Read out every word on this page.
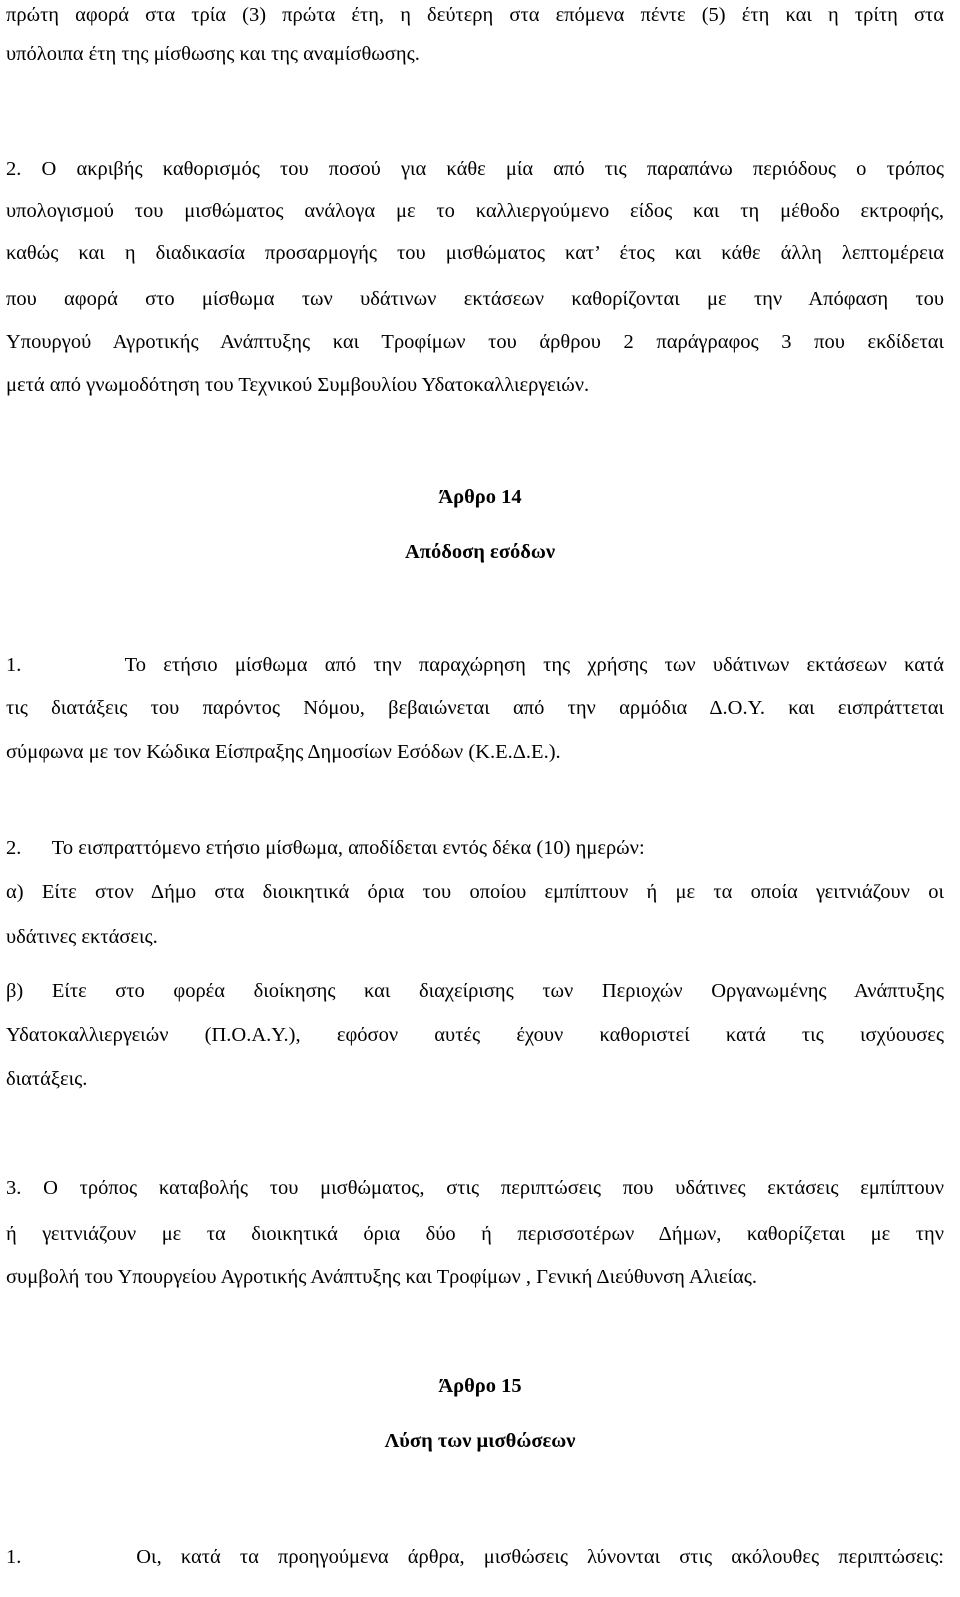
πρώτη αφορά στα τρία (3) πρώτα έτη, η δεύτερη στα επόμενα πέντε (5) έτη και η τρίτη στα
υπόλοιπα έτη της μίσθωσης και της αναμίσθωσης.
2. Ο ακριβής καθορισμός του ποσού για κάθε μία από τις παραπάνω περιόδους ο τρόπος
υπολογισμού του μισθώματος ανάλογα με το καλλιεργούμενο είδος και τη μέθοδο εκτροφής,
καθώς και η διαδικασία προσαρμογής του μισθώματος κατ’ έτος και κάθε άλλη λεπτομέρεια
που αφορά στο μίσθωμα των υδάτινων εκτάσεων καθορίζονται με την Απόφαση του
Υπουργού Αγροτικής Ανάπτυξης και Τροφίμων του άρθρου 2 παράγραφος 3 που εκδίδεται
μετά από γνωμοδότηση του Τεχνικού Συμβουλίου Υδατοκαλλιεργειών.
Άρθρο 14
Απόδοση εσόδων
1.      Το ετήσιο μίσθωμα από την παραχώρηση της χρήσης των υδάτινων εκτάσεων κατά
τις διατάξεις του παρόντος Νόμου, βεβαιώνεται από την αρμόδια Δ.Ο.Υ. και εισπράττεται
σύμφωνα με τον Κώδικα Είσπραξης Δημοσίων Εσόδων (Κ.Ε.Δ.Ε.).
2.      Το εισπραττόμενο ετήσιο μίσθωμα, αποδίδεται εντός δέκα (10) ημερών:
α) Είτε στον Δήμο στα διοικητικά όρια του οποίου εμπίπτουν ή με τα οποία γειτνιάζουν οι
υδάτινες εκτάσεις.
β) Είτε στο φορέα διοίκησης και διαχείρισης των Περιοχών Οργανωμένης Ανάπτυξης
Υδατοκαλλιεργειών (Π.Ο.Α.Υ.), εφόσον αυτές έχουν καθοριστεί κατά τις ισχύουσες
διατάξεις.
3. Ο τρόπος καταβολής του μισθώματος, στις περιπτώσεις που υδάτινες εκτάσεις εμπίπτουν
ή γειτνιάζουν με τα διοικητικά όρια δύο ή περισσοτέρων Δήμων, καθορίζεται με την
συμβολή του Υπουργείου Αγροτικής Ανάπτυξης και Τροφίμων , Γενική Διεύθυνση Αλιείας.
Άρθρο 15
Λύση των μισθώσεων
1.      Οι, κατά τα προηγούμενα άρθρα, μισθώσεις λύνονται στις ακόλουθες περιπτώσεις:
